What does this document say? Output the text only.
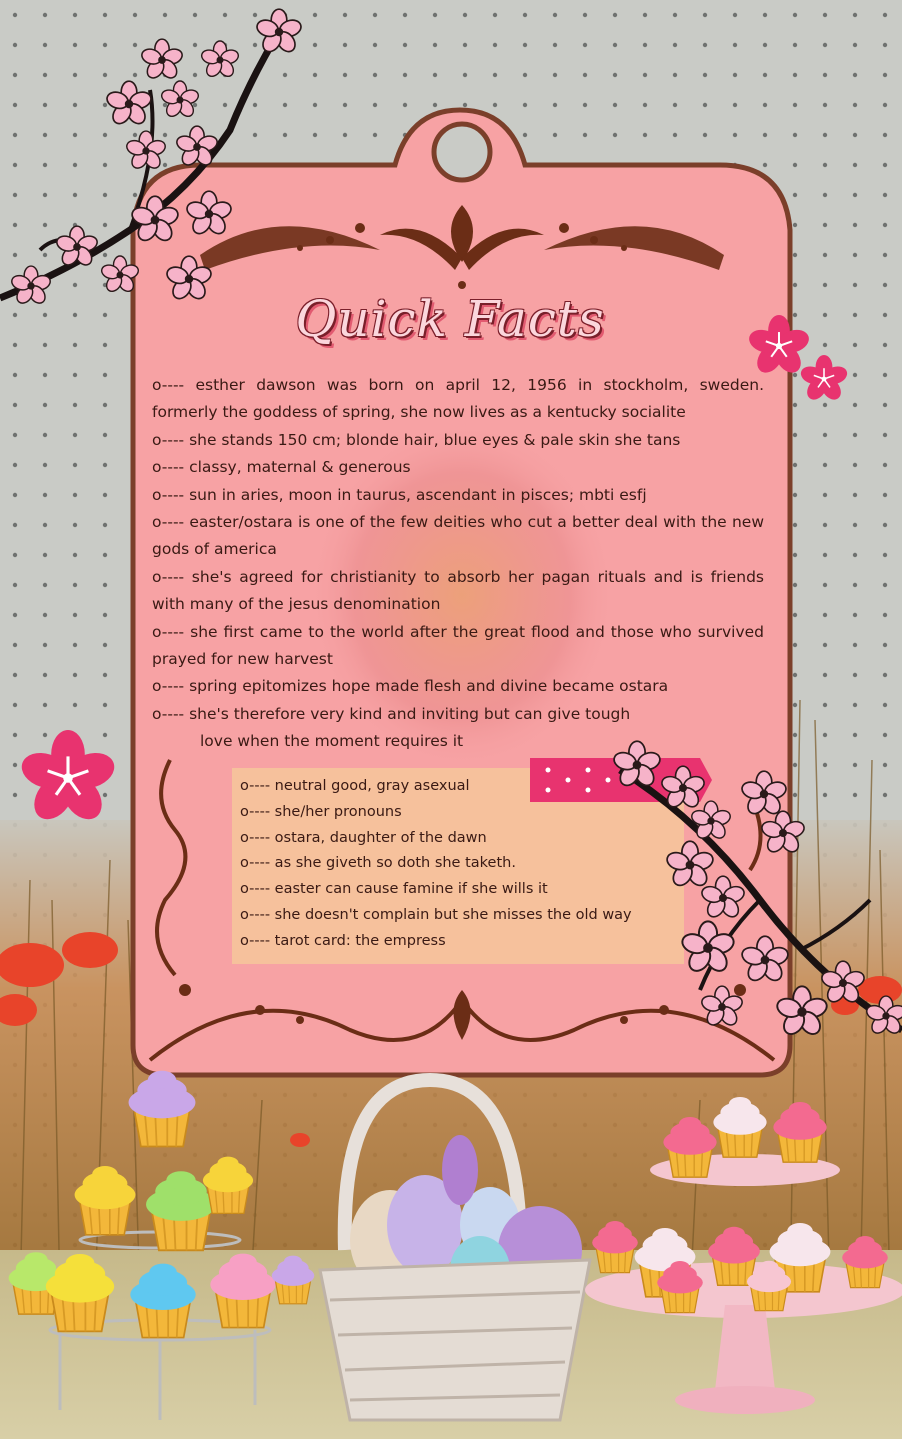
Quick Facts

o---- esther dawson was born on april 12, 1956 in stockholm, sweden. formerly the goddess of spring, she now lives as a kentucky socialite

o---- she stands 150 cm; blonde hair, blue eyes & pale skin she tans

o---- classy, maternal & generous

o---- sun in aries, moon in taurus, ascendant in pisces; mbti esfj

o---- easter/ostara is one of the few deities who cut a better deal with the new gods of america

o---- she's agreed for christianity to absorb her pagan rituals and is friends with many of the jesus denomination

o---- she first came to the world after the great flood and those who survived prayed for new harvest

o---- spring epitomizes hope made flesh and divine became ostara

o---- she's therefore very kind and inviting but can give tough

love when the moment requires it

o---- neutral good, gray asexual

o---- she/her pronouns

o---- ostara, daughter of the dawn

o---- as she giveth so doth she taketh.

o---- easter can cause famine if she wills it

o---- she doesn't complain but she misses the old way

o---- tarot card: the empress
